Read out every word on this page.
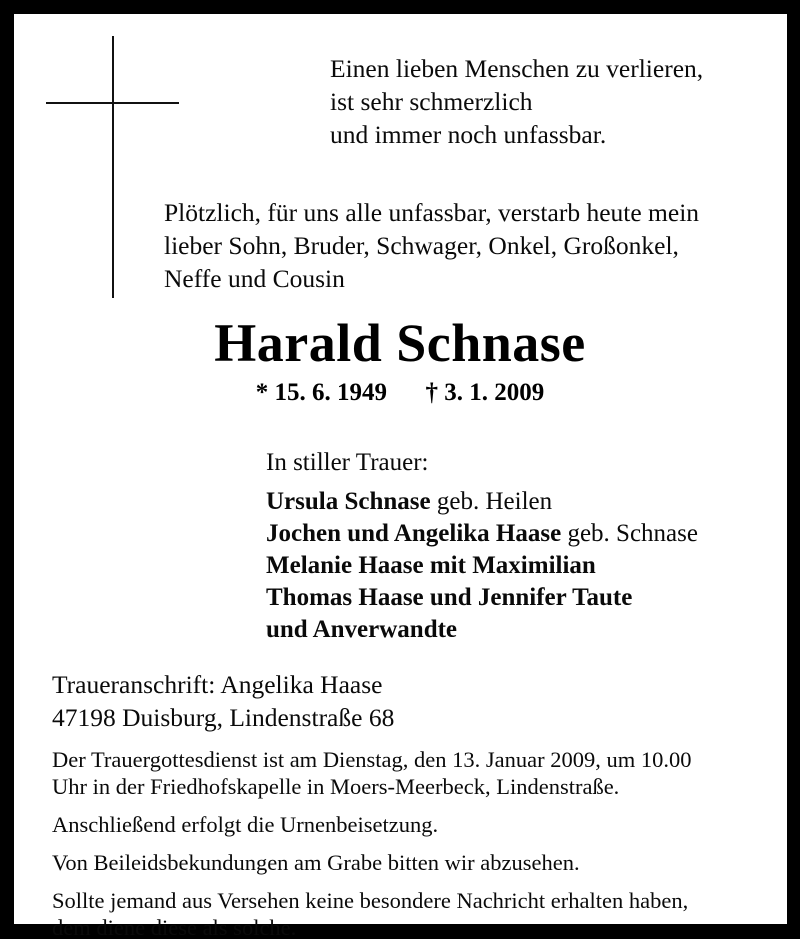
Einen lieben Menschen zu verlieren,
ist sehr schmerzlich
und immer noch unfassbar.
Plötzlich, für uns alle unfassbar, verstarb heute mein
lieber Sohn, Bruder, Schwager, Onkel, Großonkel,
Neffe und Cousin
Harald Schnase
* 15. 6. 1949 † 3. 1. 2009
In stiller Trauer:
Ursula Schnase geb. Heilen
Jochen und Angelika Haase geb. Schnase
Melanie Haase mit Maximilian
Thomas Haase und Jennifer Taute
und Anverwandte
Traueranschrift: Angelika Haase
47198 Duisburg, Lindenstraße 68
Der Trauergottesdienst ist am Dienstag, den 13. Januar 2009, um 10.00
Uhr in der Friedhofskapelle in Moers-Meerbeck, Lindenstraße.
Anschließend erfolgt die Urnenbeisetzung.
Von Beileidsbekundungen am Grabe bitten wir abzusehen.
Sollte jemand aus Versehen keine besondere Nachricht erhalten haben,
dem diene diese als solche.
